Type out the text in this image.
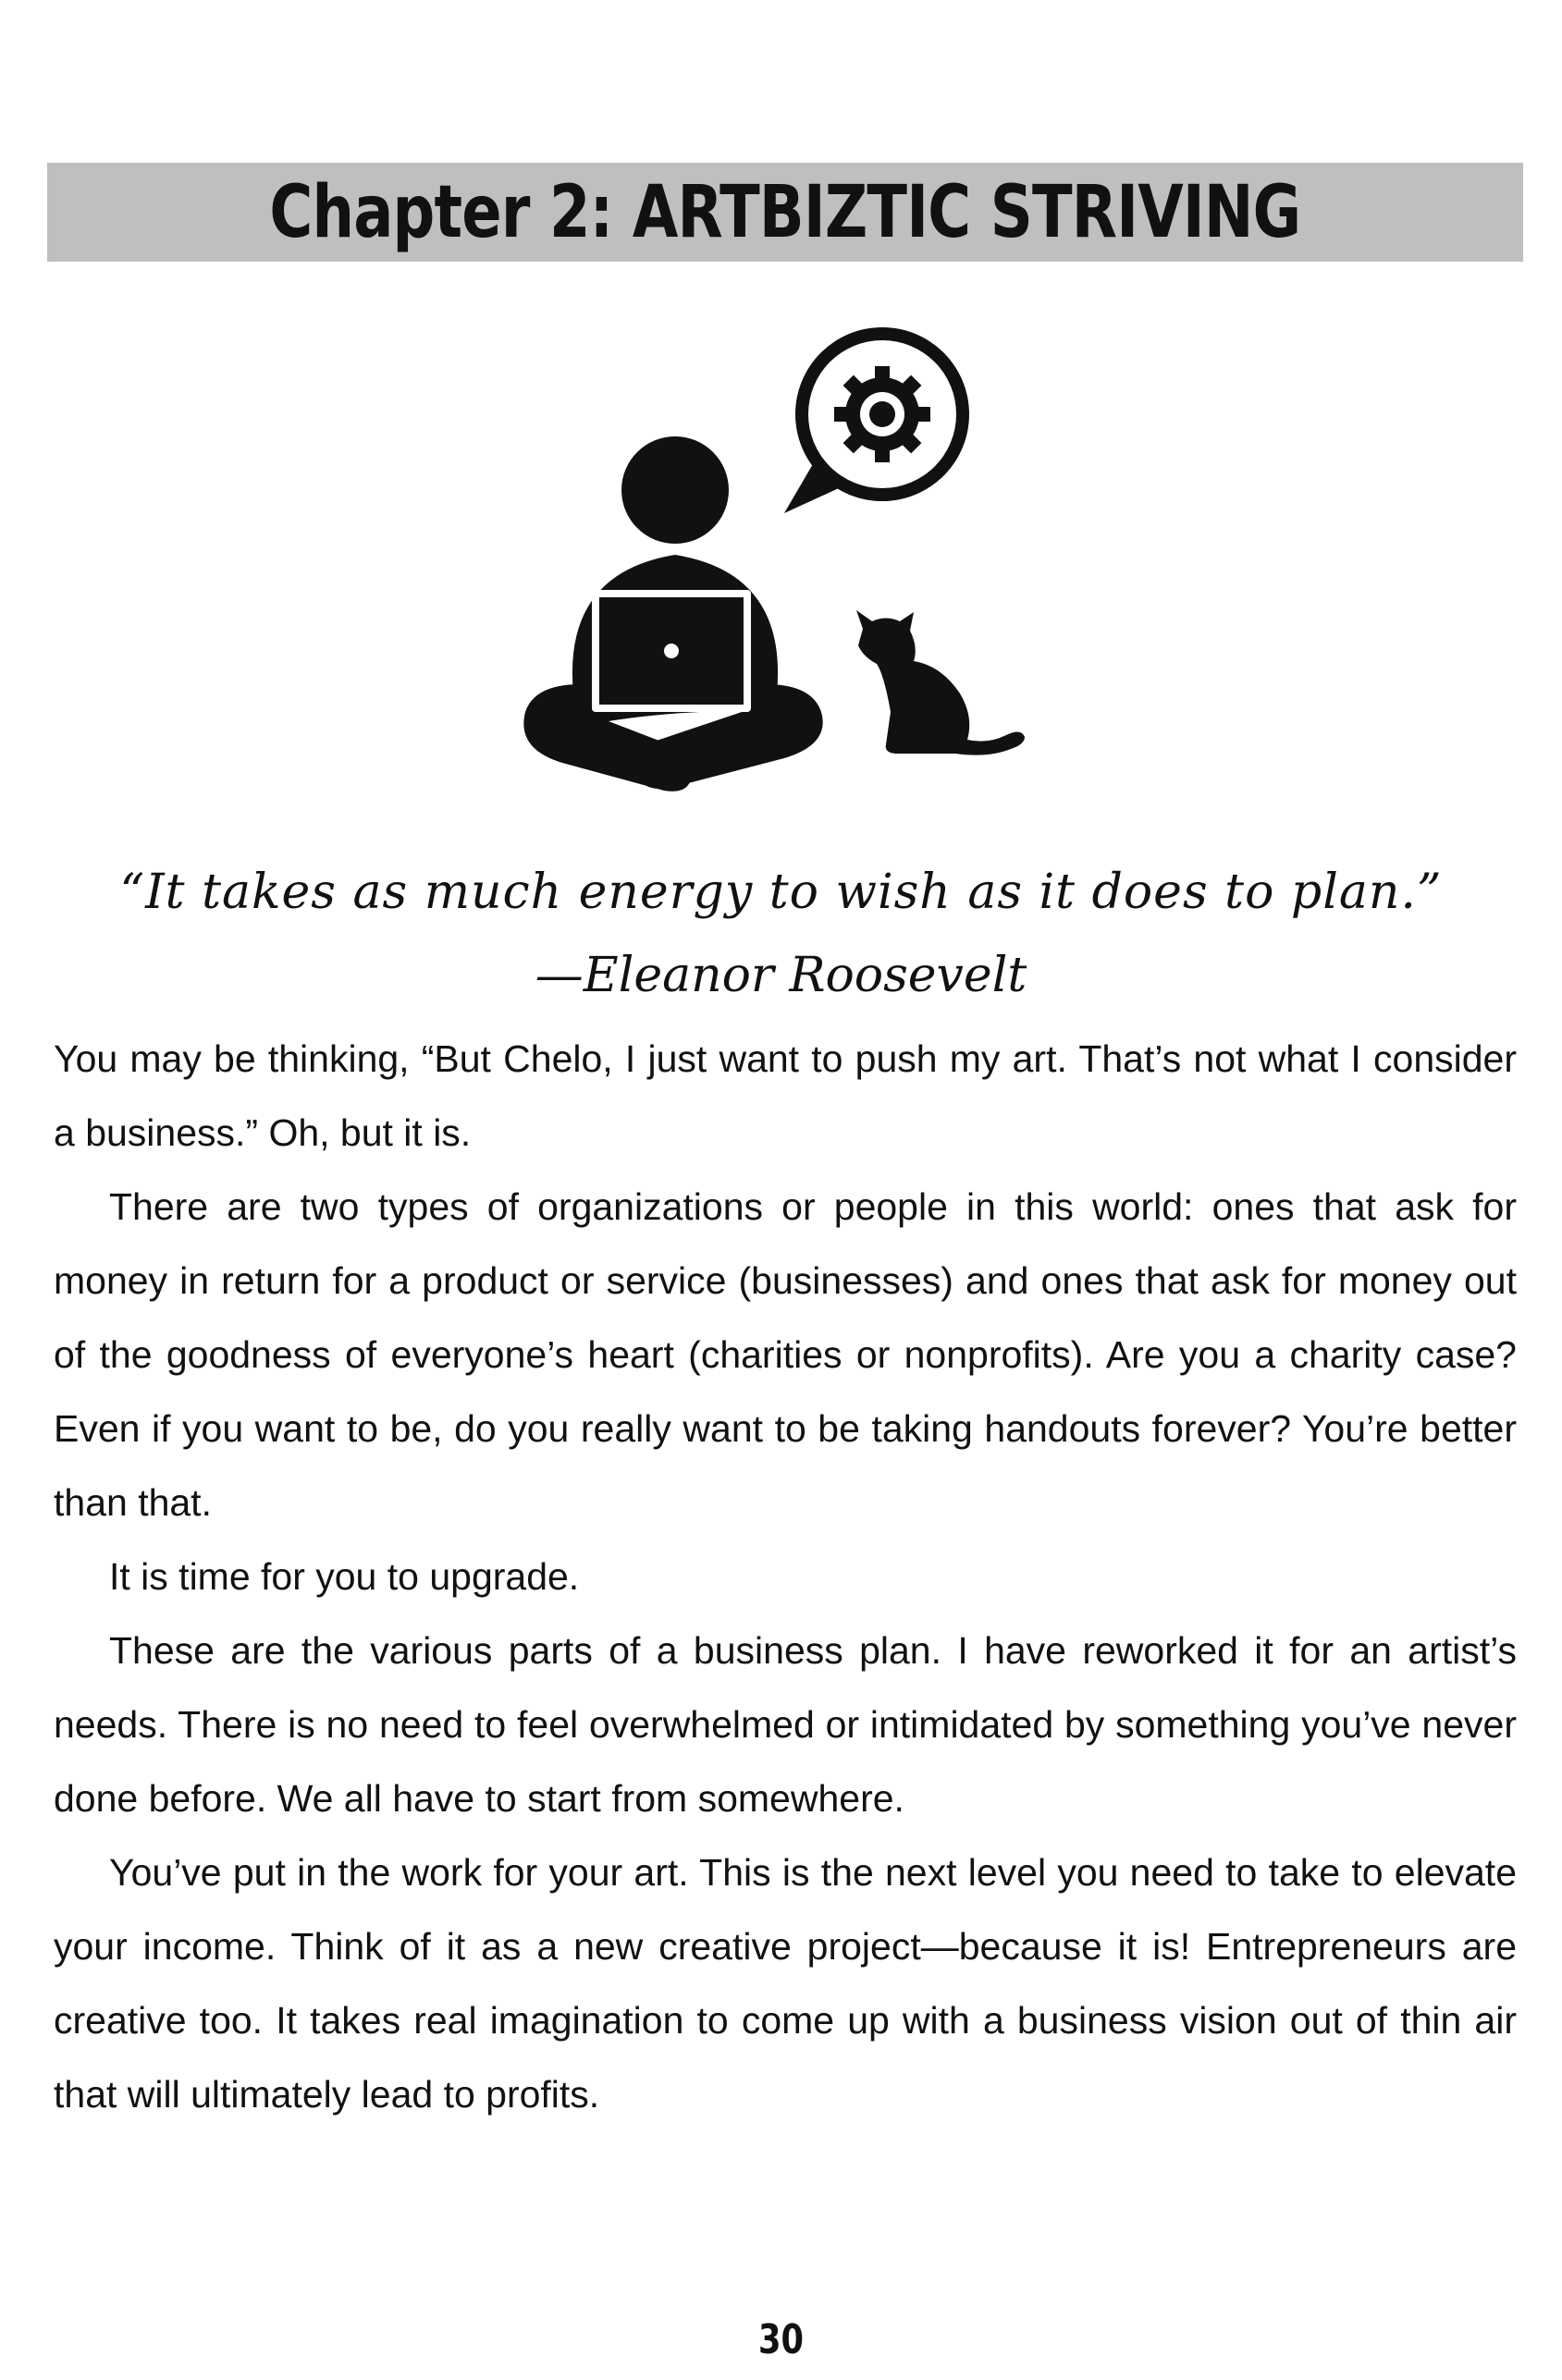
Chapter 2: ARTBIZTIC STRIVING
“It takes as much energy to wish as it does to plan.”
—Eleanor Roosevelt

You may be thinking, “But Chelo, I just want to push my art. That’s not what I consider a business.” Oh, but it is.

There are two types of organizations or people in this world: ones that ask for money in return for a product or service (businesses) and ones that ask for money out of the goodness of everyone’s heart (charities or nonprofits). Are you a charity case? Even if you want to be, do you really want to be taking handouts forever? You’re better than that.

It is time for you to upgrade.

These are the various parts of a business plan. I have reworked it for an artist’s needs. There is no need to feel overwhelmed or intimidated by something you’ve never done before. We all have to start from somewhere.

You’ve put in the work for your art. This is the next level you need to take to elevate your income. Think of it as a new creative project—because it is! Entrepreneurs are creative too. It takes real imagination to come up with a business vision out of thin air that will ultimately lead to profits.

30
